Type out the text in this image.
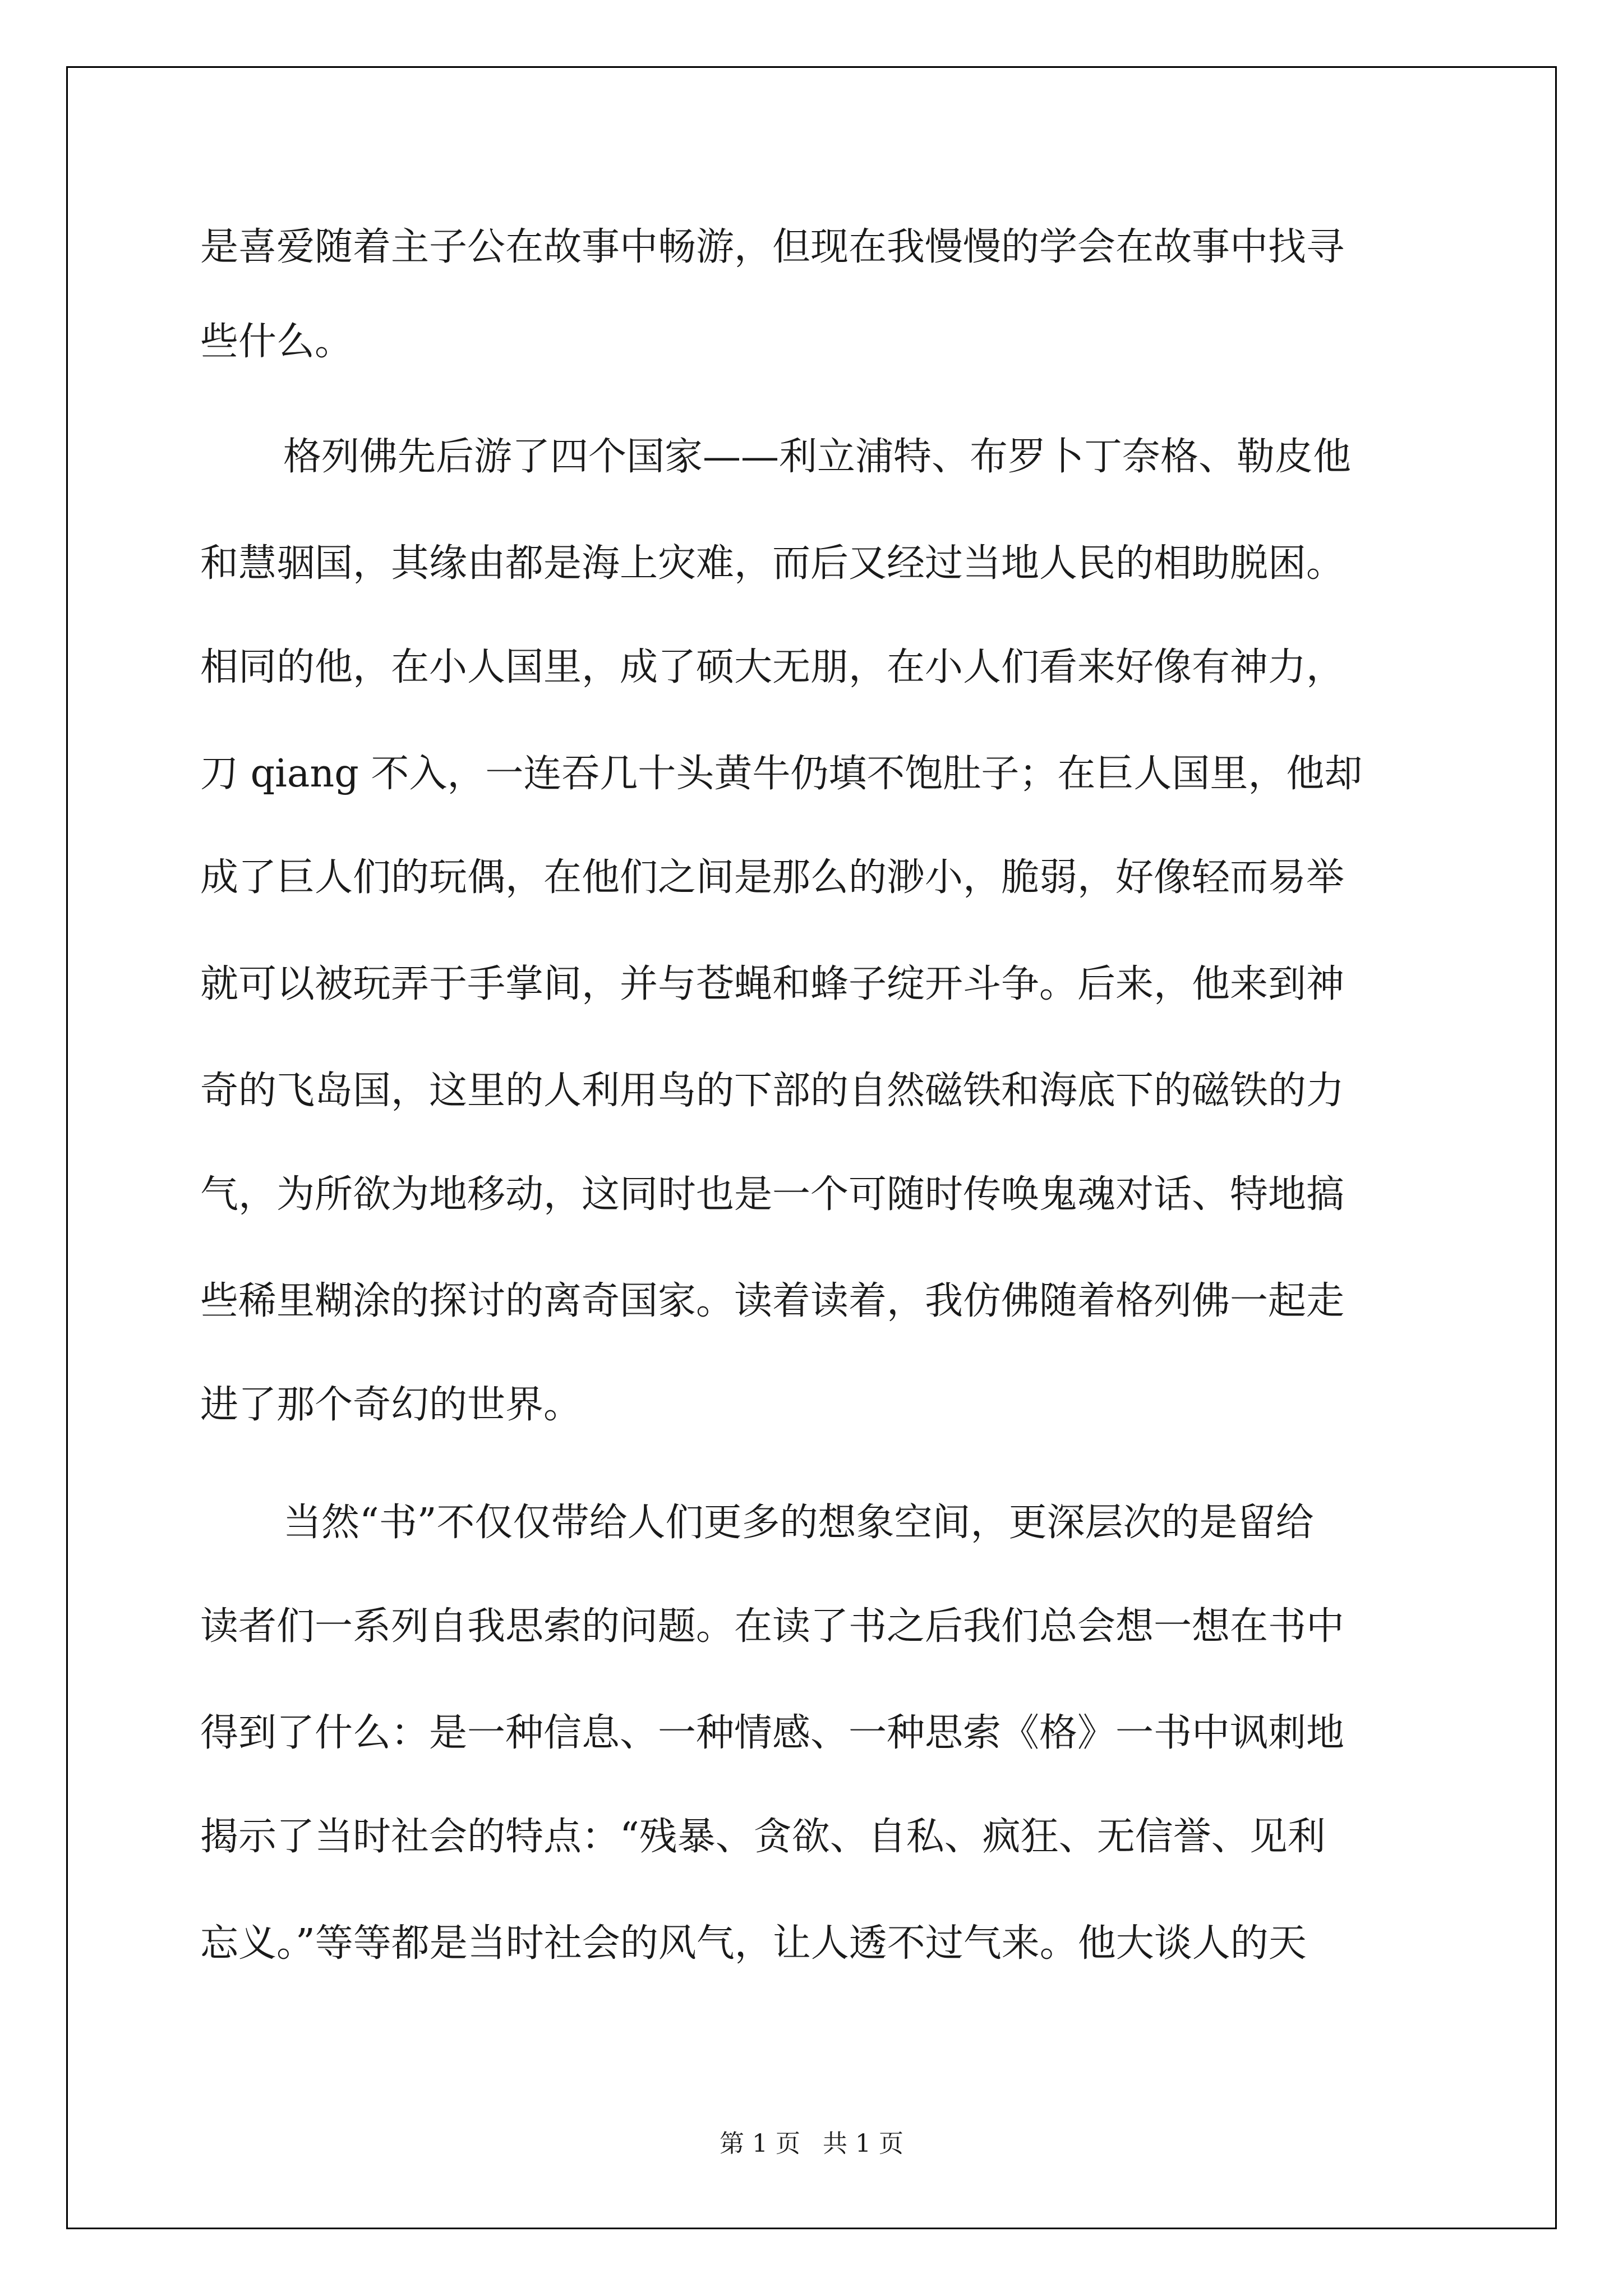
是喜爱随着主子公在故事中畅游，但现在我慢慢的学会在故事中找寻
些什么。
格列佛先后游了四个国家——利立浦特、布罗卜丁奈格、勒皮他
和慧骃国，其缘由都是海上灾难，而后又经过当地人民的相助脱困。
相同的他，在小人国里，成了硕大无朋，在小人们看来好像有神力，
刀 qiang 不入，一连吞几十头黄牛仍填不饱肚子；在巨人国里，他却
成了巨人们的玩偶，在他们之间是那么的渺小，脆弱，好像轻而易举
就可以被玩弄于手掌间，并与苍蝇和蜂子绽开斗争。后来，他来到神
奇的飞岛国，这里的人利用鸟的下部的自然磁铁和海底下的磁铁的力
气，为所欲为地移动，这同时也是一个可随时传唤鬼魂对话、特地搞
些稀里糊涂的探讨的离奇国家。读着读着，我仿佛随着格列佛一起走
进了那个奇幻的世界。
当然“书”不仅仅带给人们更多的想象空间，更深层次的是留给
读者们一系列自我思索的问题。在读了书之后我们总会想一想在书中
得到了什么：是一种信息、一种情感、一种思索《格》一书中讽刺地
揭示了当时社会的特点：“残暴、贪欲、自私、疯狂、无信誉、见利
忘义。”等等都是当时社会的风气，让人透不过气来。他大谈人的天
第 1 页 共 1 页
